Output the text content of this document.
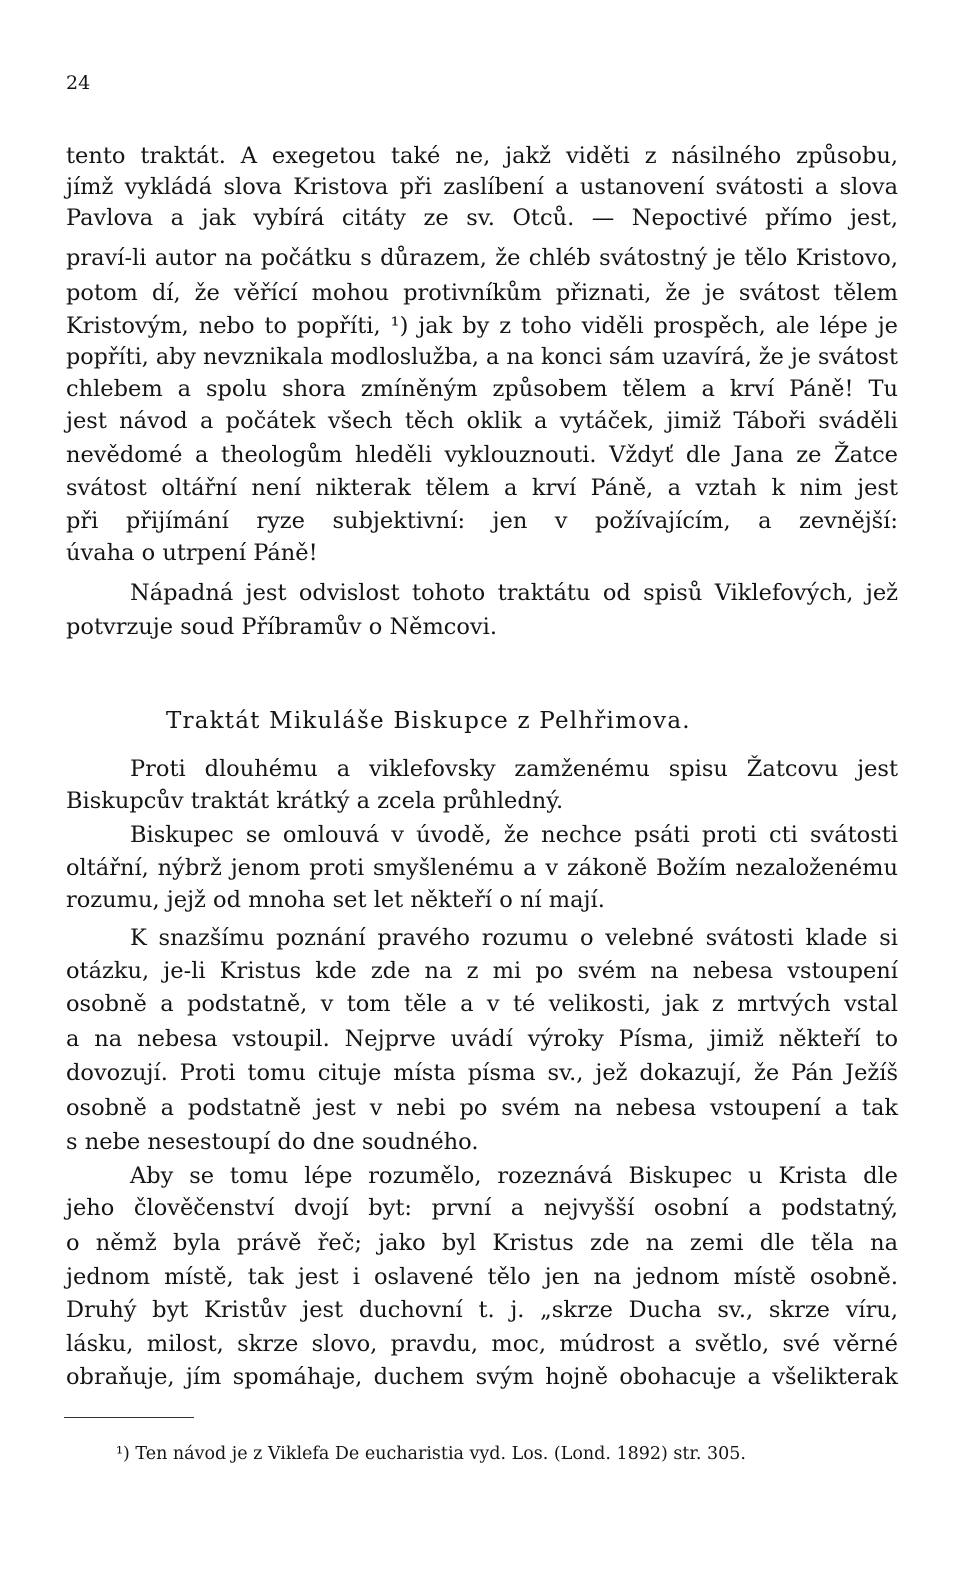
24
tento traktát. A exegetou také ne, jakž viděti z násilného způsobu,
jímž vykládá slova Kristova při zaslíbení a ustanovení svátosti a slova
Pavlova a jak vybírá citáty ze sv. Otců. — Nepoctivé přímo jest,
praví-li autor na počátku s důrazem, že chléb svátostný je tělo Kristovo,
potom dí, že věřící mohou protivníkům přiznati, že je svátost tělem
Kristovým, nebo to popříti, ¹) jak by z toho viděli prospěch, ale lépe je
popříti, aby nevznikala modloslužba, a na konci sám uzavírá, že je svátost
chlebem a spolu shora zmíněným způsobem tělem a krví Páně! Tu
jest návod a počátek všech těch oklik a vytáček, jimiž Táboři sváděli
nevědomé a theologům hleděli vyklouznouti. Vždyť dle Jana ze Žatce
svátost oltářní není nikterak tělem a krví Páně, a vztah k nim jest
při přijímání ryze subjektivní: jen v požívajícím, a zevnější:
úvaha o utrpení Páně!
Nápadná jest odvislost tohoto traktátu od spisů Viklefových, jež
potvrzuje soud Příbramův o Němcovi.
Traktát Mikuláše Biskupce z Pelhřimova.
Proti dlouhému a viklefovsky zamženému spisu Žatcovu jest
Biskupcův traktát krátký a zcela průhledný.
Biskupec se omlouvá v úvodě, že nechce psáti proti cti svátosti
oltářní, nýbrž jenom proti smyšlenému a v zákoně Božím nezaloženému
rozumu, jejž od mnoha set let někteří o ní mají.
K snazšímu poznání pravého rozumu o velebné svátosti klade si
otázku, je-li Kristus kde zde na z mi po svém na nebesa vstoupení
osobně a podstatně, v tom těle a v té velikosti, jak z mrtvých vstal
a na nebesa vstoupil. Nejprve uvádí výroky Písma, jimiž někteří to
dovozují. Proti tomu cituje místa písma sv., jež dokazují, že Pán Ježíš
osobně a podstatně jest v nebi po svém na nebesa vstoupení a tak
s nebe nesestoupí do dne soudného.
Aby se tomu lépe rozumělo, rozeznává Biskupec u Krista dle
jeho člověčenství dvojí byt: první a nejvyšší osobní a podstatný,
o němž byla právě řeč; jako byl Kristus zde na zemi dle těla na
jednom místě, tak jest i oslavené tělo jen na jednom místě osobně.
Druhý byt Kristův jest duchovní t. j. „skrze Ducha sv., skrze víru,
lásku, milost, skrze slovo, pravdu, moc, múdrost a světlo, své věrné
obraňuje, jím spomáhaje, duchem svým hojně obohacuje a všelikterak
¹) Ten návod je z Viklefa De eucharistia vyd. Los. (Lond. 1892) str. 305.
